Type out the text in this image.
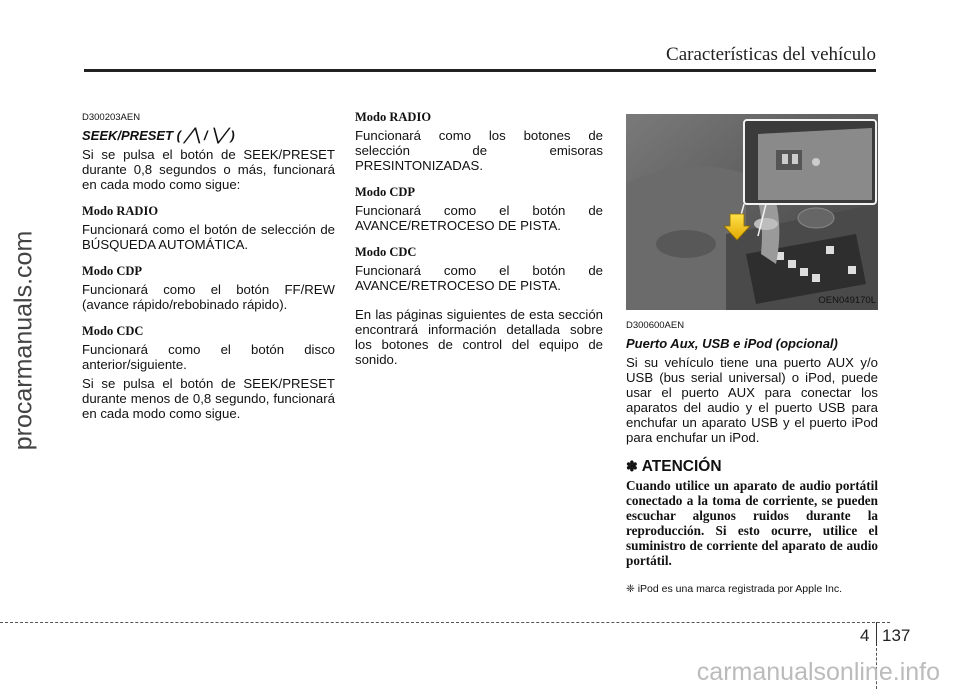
Características del vehículo
procarmanuals.com
D300203AEN
SEEK/PRESET ( ╱╲ / ╲╱ )

Si se pulsa el botón de SEEK/PRESET durante 0,8 segundos o más, funcionará en cada modo como sigue:

Modo RADIO

Funcionará como el botón de selección de BÚSQUEDA AUTOMÁTICA.

Modo CDP

Funcionará como el botón FF/REW (avance rápido/rebobinado rápido).

Modo CDC

Funcionará como el botón disco anterior/siguiente.

Si se pulsa el botón de SEEK/PRESET durante menos de 0,8 segundo, funcionará en cada modo como sigue.

Modo RADIO

Funcionará como los botones de selección de emisoras PRESINTONIZADAS.

Modo CDP

Funcionará como el botón de AVANCE/RETROCESO DE PISTA.

Modo CDC

Funcionará como el botón de AVANCE/RETROCESO DE PISTA.

En las páginas siguientes de esta sección encontrará información detallada sobre los botones de control del equipo de sonido.

OEN049170L
D300600AEN
Puerto Aux, USB e iPod (opcional)

Si su vehículo tiene una puerto AUX y/o USB (bus serial universal) o iPod, puede usar el puerto AUX para conectar los aparatos del audio y el puerto USB para enchufar un aparato USB y el puerto iPod para enchufar un iPod.

✽ ATENCIÓN

Cuando utilice un aparato de audio portátil conectado a la toma de corriente, se pueden escuchar algunos ruidos durante la reproducción. Si esto ocurre, utilice el suministro de corriente del aparato de audio portátil.

❈ iPod es una marca registrada por Apple Inc.
4 137
carmanualsonline.info
